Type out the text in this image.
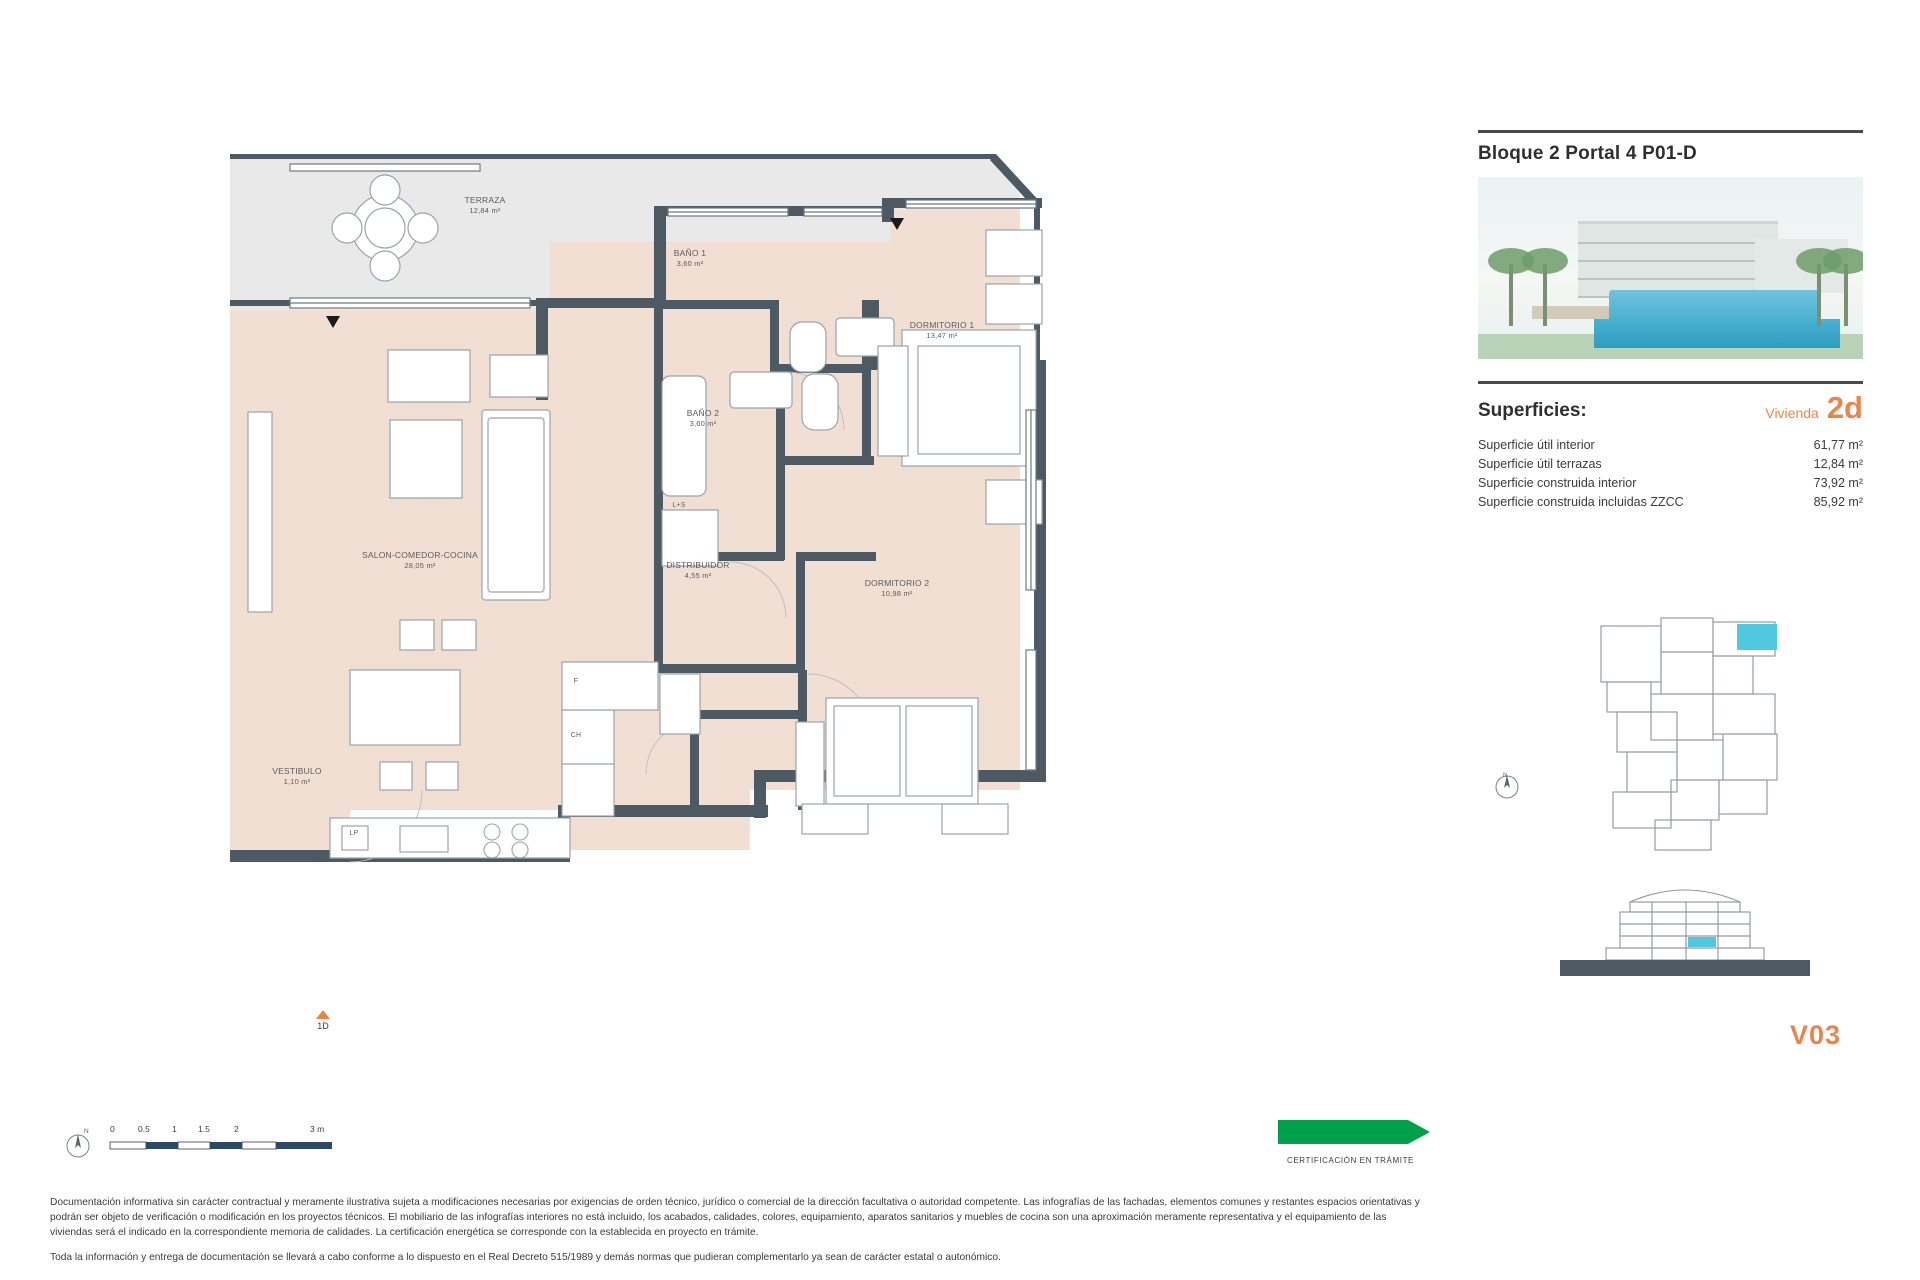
TERRAZA
12,84 m²
BAÑO 1
3,60 m²
DORMITORIO 1
13,47 m²
BAÑO 2
3,60 m²
SALON-COMEDOR-COCINA
28,05 m²	DISTRIBUIDOR
4,55 m²
DORMITORIO 2
10,98 m²
VESTIBULO
1,10 m²
L+S
F
CH
LP
1D
Bloque 2 Portal 4 P01-D
Superficies:	Vivienda 2d
Superficie útil interior	61,77 m²
Superficie útil terrazas	12,84 m²
Superficie construida interior	73,92 m²
Superficie construida incluidas ZZCC	85,92 m²
N
V03
0	0.5	1	1.5	2	3 m
N
CERTIFICACIÓN EN TRÁMITE

Documentación informativa sin carácter contractual y meramente ilustrativa sujeta a modificaciones necesarias por exigencias de orden técnico, jurídico o comercial de la dirección facultativa o autoridad competente. Las infografías de las fachadas, elementos comunes y restantes espacios orientativas y podrán ser objeto de verificación o modificación en los proyectos técnicos. El mobiliario de las infografías interiores no está incluido, los acabados, calidades, colores, equipamiento, aparatos sanitarios y muebles de cocina son una aproximación meramente representativa y el equipamiento de las viviendas será el indicado en la correspondiente memoria de calidades. La certificación energética se corresponde con la establecida en proyecto en trámite.

Toda la información y entrega de documentación se llevará a cabo conforme a lo dispuesto en el Real Decreto 515/1989 y demás normas que pudieran complementarlo ya sean de carácter estatal o autonómico.
